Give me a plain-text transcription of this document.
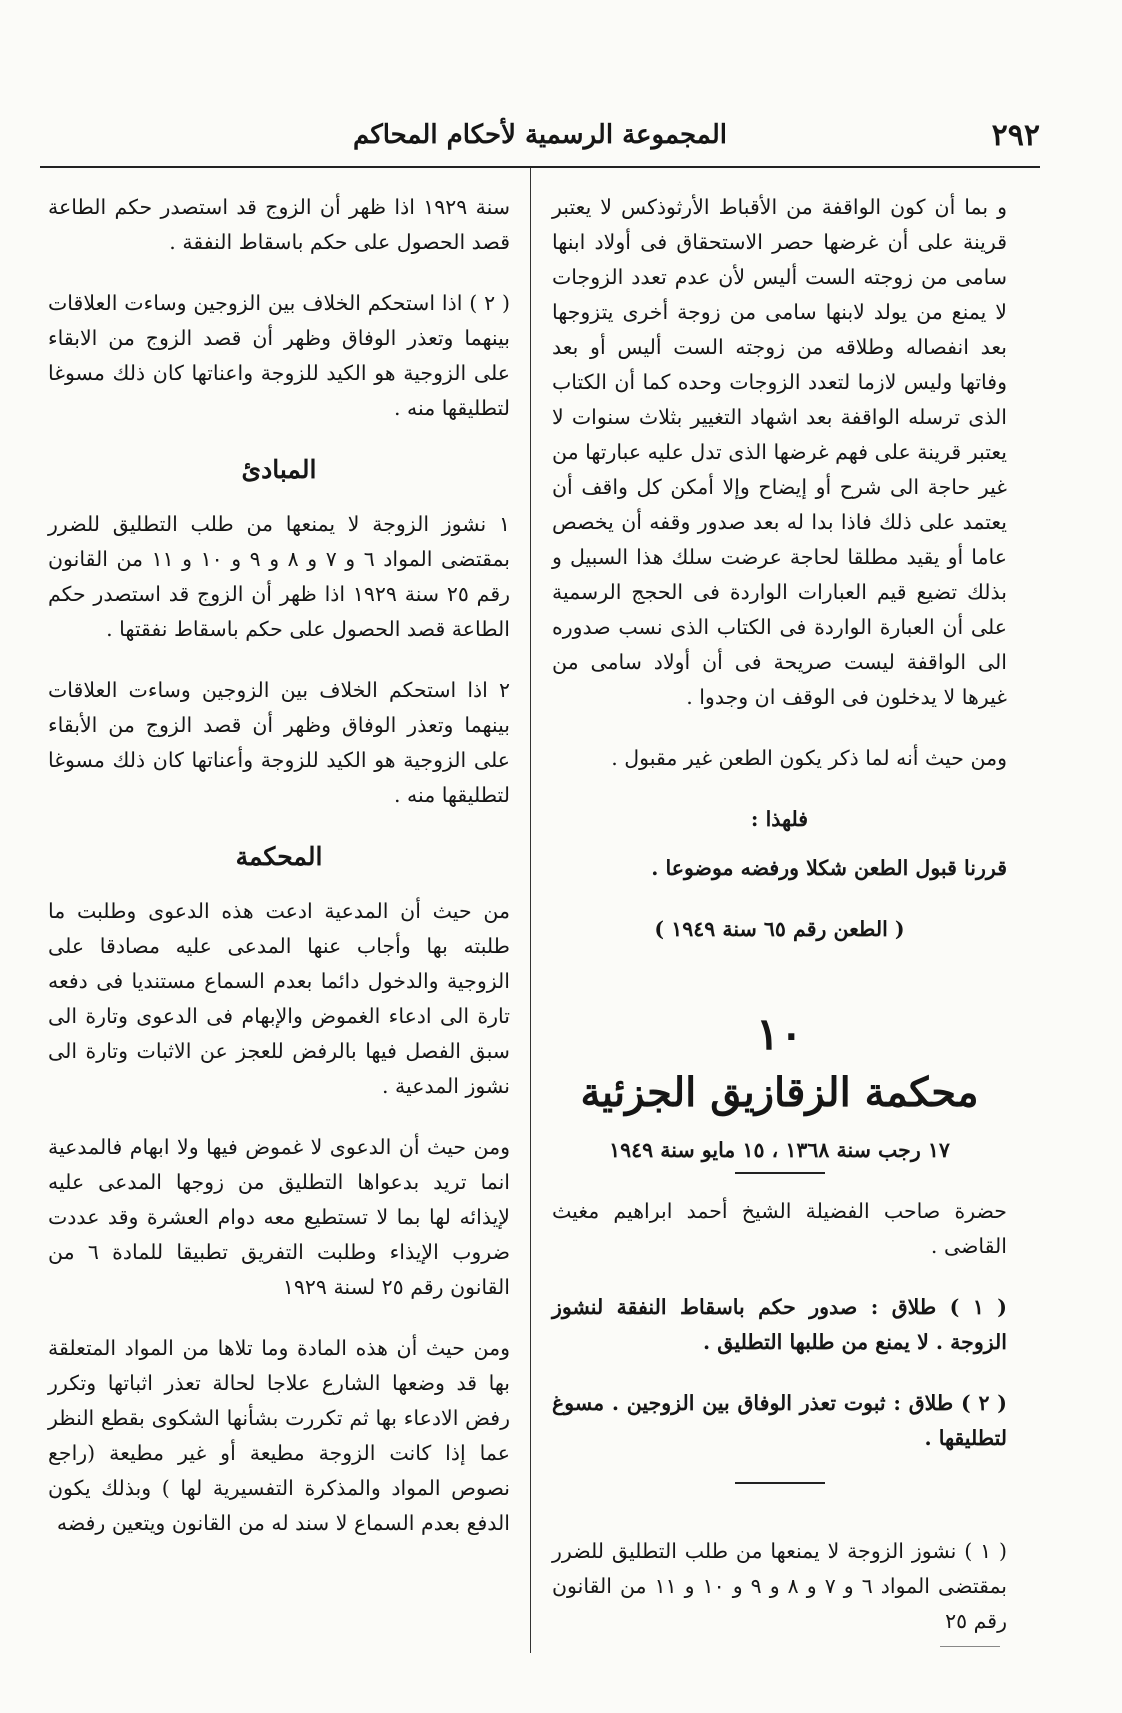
٢٩٢
المجموعة الرسمية لأحكام المحاكم

و بما أن كون الواقفة من الأقباط الأرثوذكس لا يعتبر قرينة على أن غرضها حصر الاستحقاق فى أولاد ابنها سامى من زوجته الست أليس لأن عدم تعدد الزوجات لا يمنع من يولد لابنها سامى من زوجة أخرى يتزوجها بعد انفصاله وطلاقه من زوجته الست أليس أو بعد وفاتها وليس لازما لتعدد الزوجات وحده كما أن الكتاب الذى ترسله الواقفة بعد اشهاد التغيير بثلاث سنوات لا يعتبر قرينة على فهم غرضها الذى تدل عليه عبارتها من غير حاجة الى شرح أو إيضاح وإلا أمكن كل واقف أن يعتمد على ذلك فاذا بدا له بعد صدور وقفه أن يخصص عاما أو يقيد مطلقا لحاجة عرضت سلك هذا السبيل و بذلك تضيع قيم العبارات الواردة فى الحجج الرسمية على أن العبارة الواردة فى الكتاب الذى نسب صدوره الى الواقفة ليست صريحة فى أن أولاد سامى من غيرها لا يدخلون فى الوقف ان وجدوا .

ومن حيث أنه لما ذكر يكون الطعن غير مقبول .

فلهذا :

قررنا قبول الطعن شكلا ورفضه موضوعا .

( الطعن رقم ٦٥ سنة ١٩٤٩ )
١٠
محكمة الزقازيق الجزئية
١٧ رجب سنة ١٣٦٨ ، ١٥ مايو سنة ١٩٤٩

حضرة صاحب الفضيلة الشيخ أحمد ابراهيم مغيث القاضى .

( ١ ) طلاق : صدور حكم باسقاط النفقة لنشوز الزوجة . لا يمنع من طلبها التطليق .

( ٢ ) طلاق : ثبوت تعذر الوفاق بين الزوجين . مسوغ لتطليقها .

( ١ ) نشوز الزوجة لا يمنعها من طلب التطليق للضرر بمقتضى المواد ٦ و ٧ و ٨ و ٩ و ١٠ و ١١ من القانون رقم ٢٥

سنة ١٩٢٩ اذا ظهر أن الزوج قد استصدر حكم الطاعة قصد الحصول على حكم باسقاط النفقة .

( ٢ ) اذا استحكم الخلاف بين الزوجين وساءت العلاقات بينهما وتعذر الوفاق وظهر أن قصد الزوج من الابقاء على الزوجية هو الكيد للزوجة واعناتها كان ذلك مسوغا لتطليقها منه .

المبادئ

١ نشوز الزوجة لا يمنعها من طلب التطليق للضرر بمقتضى المواد ٦ و ٧ و ٨ و ٩ و ١٠ و ١١ من القانون رقم ٢٥ سنة ١٩٢٩ اذا ظهر أن الزوج قد استصدر حكم الطاعة قصد الحصول على حكم باسقاط نفقتها .

٢ اذا استحكم الخلاف بين الزوجين وساءت العلاقات بينهما وتعذر الوفاق وظهر أن قصد الزوج من الأبقاء على الزوجية هو الكيد للزوجة وأعناتها كان ذلك مسوغا لتطليقها منه .

المحكمة

من حيث أن المدعية ادعت هذه الدعوى وطلبت ما طلبته بها وأجاب عنها المدعى عليه مصادقا على الزوجية والدخول دائما بعدم السماع مستنديا فى دفعه تارة الى ادعاء الغموض والإبهام فى الدعوى وتارة الى سبق الفصل فيها بالرفض للعجز عن الاثبات وتارة الى نشوز المدعية .

ومن حيث أن الدعوى لا غموض فيها ولا ابهام فالمدعية انما تريد بدعواها التطليق من زوجها المدعى عليه لإيذائه لها بما لا تستطيع معه دوام العشرة وقد عددت ضروب الإيذاء وطلبت التفريق تطبيقا للمادة ٦ من القانون رقم ٢٥ لسنة ١٩٢٩

ومن حيث أن هذه المادة وما تلاها من المواد المتعلقة بها قد وضعها الشارع علاجا لحالة تعذر اثباتها وتكرر رفض الادعاء بها ثم تكررت بشأنها الشكوى بقطع النظر عما إذا كانت الزوجة مطيعة أو غير مطيعة (راجع نصوص المواد والمذكرة التفسيرية لها ) وبذلك يكون الدفع بعدم السماع لا سند له من القانون ويتعين رفضه
